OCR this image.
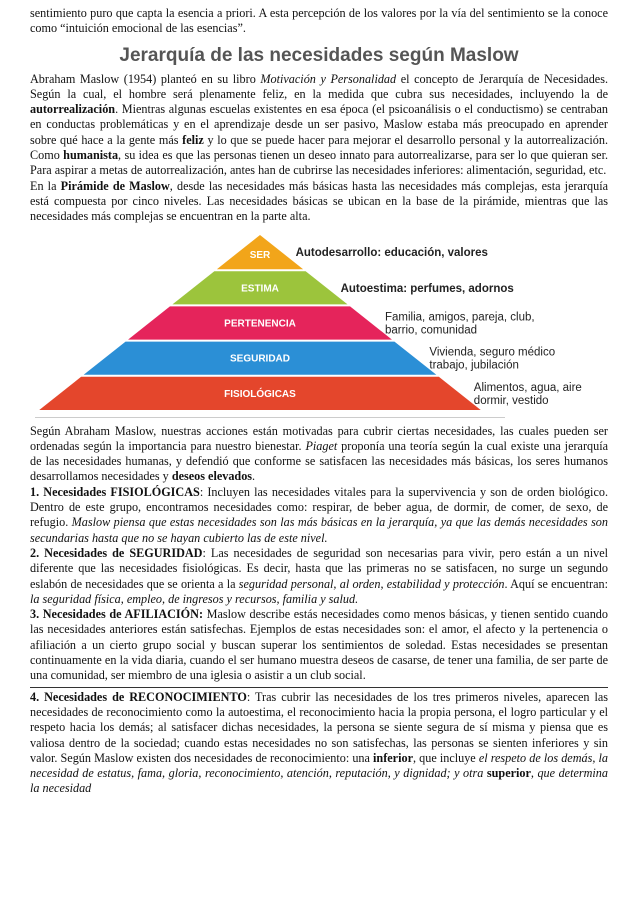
sentimiento puro que capta la esencia a priori. A esta percepción de los valores por la vía del sentimiento se la conoce como “intuición emocional de las esencias”.

Jerarquía de las necesidades según Maslow

Abraham Maslow (1954) planteó en su libro Motivación y Personalidad el concepto de Jerarquía de Necesidades. Según la cual, el hombre será plenamente feliz, en la medida que cubra sus necesidades, incluyendo la de autorrealización. Mientras algunas escuelas existentes en esa época (el psicoanálisis o el conductismo) se centraban en conductas problemáticas y en el aprendizaje desde un ser pasivo, Maslow estaba más preocupado en aprender sobre qué hace a la gente más feliz y lo que se puede hacer para mejorar el desarrollo personal y la autorrealización. Como humanista, su idea es que las personas tienen un deseo innato para autorrealizarse, para ser lo que quieran ser. Para aspirar a metas de autorrealización, antes han de cubrirse las necesidades inferiores: alimentación, seguridad, etc.

En la Pirámide de Maslow, desde las necesidades más básicas hasta las necesidades más complejas, esta jerarquía está compuesta por cinco niveles. Las necesidades básicas se ubican en la base de la pirámide, mientras que las necesidades más complejas se encuentran en la parte alta.

SER Autodesarrollo: educación, valores
ESTIMA	Autoestima: perfumes, adornos
PERTENENCIA
Familia, amigos, pareja, club,
barrio, comunidad
SEGURIDAD
Vivienda, seguro médico
trabajo, jubilación
FISIOLÓGICAS
Alimentos, agua, aire
dormir, vestido

Según Abraham Maslow, nuestras acciones están motivadas para cubrir ciertas necesidades, las cuales pueden ser ordenadas según la importancia para nuestro bienestar. Piaget proponía una teoría según la cual existe una jerarquía de las necesidades humanas, y defendió que conforme se satisfacen las necesidades más básicas, los seres humanos desarrollamos necesidades y deseos elevados.

1. Necesidades FISIOLÓGICAS: Incluyen las necesidades vitales para la supervivencia y son de orden biológico. Dentro de este grupo, encontramos necesidades como: respirar, de beber agua, de dormir, de comer, de sexo, de refugio. Maslow piensa que estas necesidades son las más básicas en la jerarquía, ya que las demás necesidades son secundarias hasta que no se hayan cubierto las de este nivel.

2. Necesidades de SEGURIDAD: Las necesidades de seguridad son necesarias para vivir, pero están a un nivel diferente que las necesidades fisiológicas. Es decir, hasta que las primeras no se satisfacen, no surge un segundo eslabón de necesidades que se orienta a la seguridad personal, al orden, estabilidad y protección. Aquí se encuentran: la seguridad física, empleo, de ingresos y recursos, familia y salud.

3. Necesidades de AFILIACIÓN: Maslow describe estás necesidades como menos básicas, y tienen sentido cuando las necesidades anteriores están satisfechas. Ejemplos de estas necesidades son: el amor, el afecto y la pertenencia o afiliación a un cierto grupo social y buscan superar los sentimientos de soledad. Estas necesidades se presentan continuamente en la vida diaria, cuando el ser humano muestra deseos de casarse, de tener una familia, de ser parte de una comunidad, ser miembro de una iglesia o asistir a un club social.

4. Necesidades de RECONOCIMIENTO: Tras cubrir las necesidades de los tres primeros niveles, aparecen las necesidades de reconocimiento como la autoestima, el reconocimiento hacia la propia persona, el logro particular y el respeto hacia los demás; al satisfacer dichas necesidades, la persona se siente segura de sí misma y piensa que es valiosa dentro de la sociedad; cuando estas necesidades no son satisfechas, las personas se sienten inferiores y sin valor. Según Maslow existen dos necesidades de reconocimiento: una inferior, que incluye el respeto de los demás, la necesidad de estatus, fama, gloria, reconocimiento, atención, reputación, y dignidad; y otra superior, que determina la necesidad
